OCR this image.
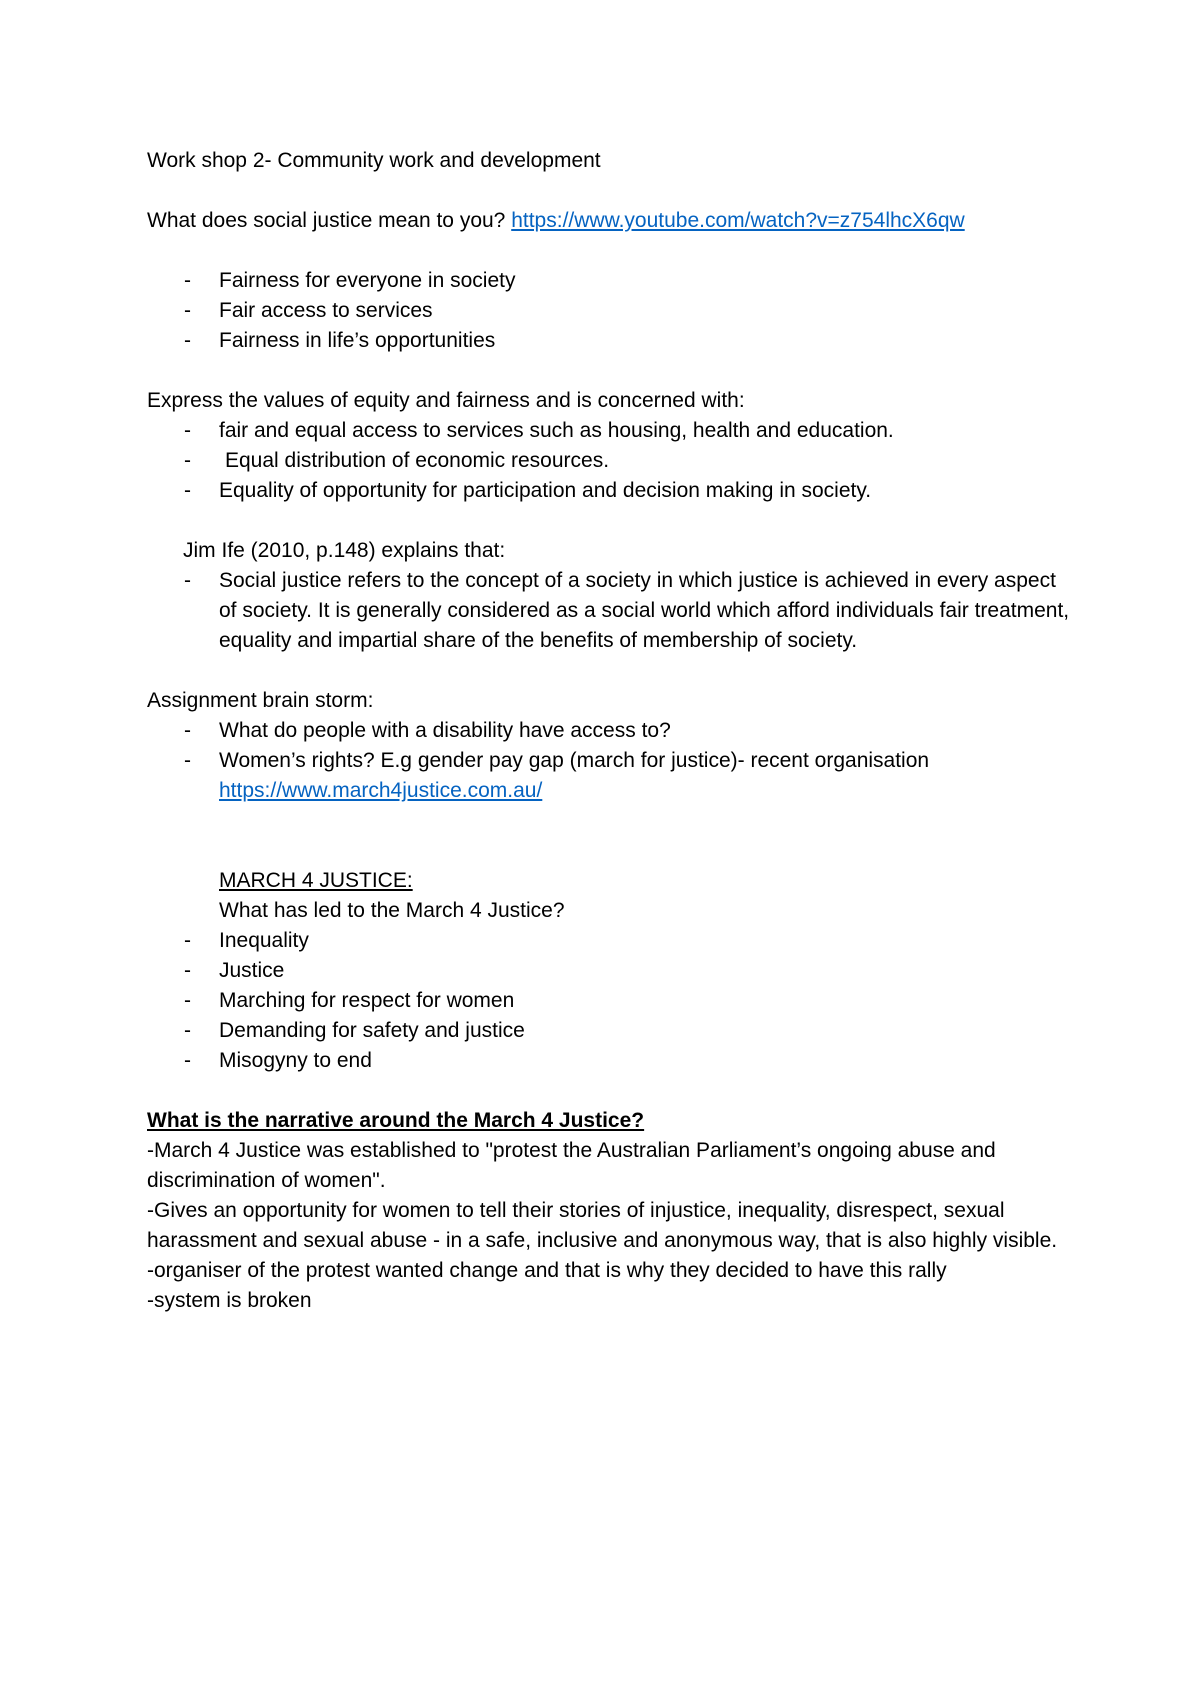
Work shop 2- Community work and development

What does social justice mean to you? https://www.youtube.com/watch?v=z754lhcX6qw

- Fairness for everyone in society
- Fair access to services
- Fairness in life’s opportunities

Express the values of equity and fairness and is concerned with:

- fair and equal access to services such as housing, health and education.
- Equal distribution of economic resources.
- Equality of opportunity for participation and decision making in society.

Jim Ife (2010, p.148) explains that:

- Social justice refers to the concept of a society in which justice is achieved in every aspect of society. It is generally considered as a social world which afford individuals fair treatment, equality and impartial share of the benefits of membership of society.

Assignment brain storm:

- What do people with a disability have access to?
- Women’s rights? E.g gender pay gap (march for justice)- recent organisation
https://www.march4justice.com.au/

MARCH 4 JUSTICE:

What has led to the March 4 Justice?

- Inequality
- Justice
- Marching for respect for women
- Demanding for safety and justice
- Misogyny to end

What is the narrative around the March 4 Justice?

-March 4 Justice was established to "protest the Australian Parliament’s ongoing abuse and discrimination of women".

-Gives an opportunity for women to tell their stories of injustice, inequality, disrespect, sexual harassment and sexual abuse - in a safe, inclusive and anonymous way, that is also highly visible.

-organiser of the protest wanted change and that is why they decided to have this rally

-system is broken
